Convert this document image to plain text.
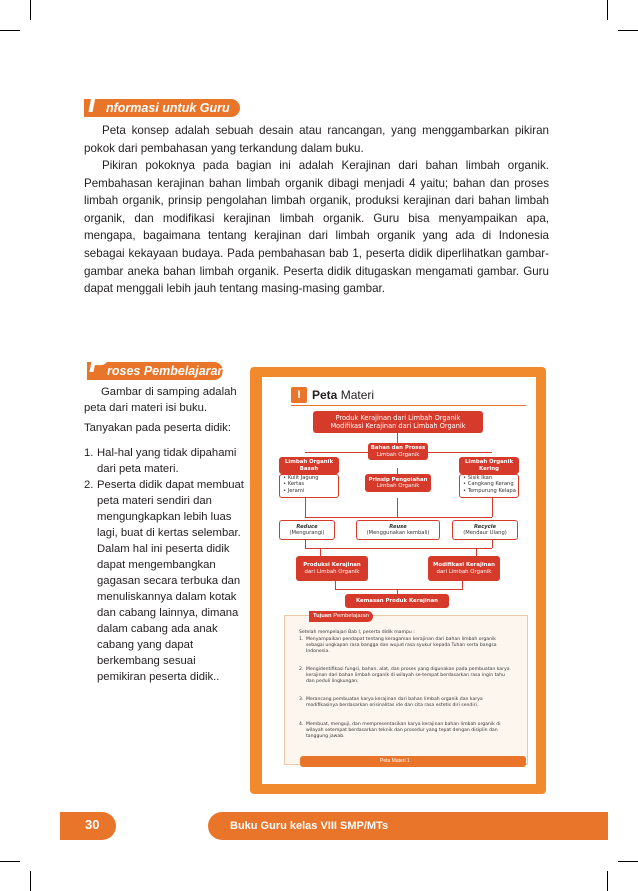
I nformasi untuk Guru
Peta konsep adalah sebuah desain atau rancangan, yang menggambarkan pikiran pokok dari pembahasan yang terkandung dalam buku.
Pikiran pokoknya pada bagian ini adalah Kerajinan dari bahan limbah organik. Pembahasan kerajinan bahan limbah organik dibagi menjadi 4 yaitu; bahan dan proses limbah organik, prinsip pengolahan limbah organik, produksi kerajinan dari bahan limbah organik, dan modifikasi kerajinan limbah organik. Guru bisa menyampaikan apa, mengapa, bagaimana tentang kerajinan dari limbah organik yang ada di Indonesia sebagai kekayaan budaya. Pada pembahasan bab 1, peserta didik diperlihatkan gambar-gambar aneka bahan limbah organik. Peserta didik ditugaskan mengamati gambar. Guru dapat menggali lebih jauh tentang masing-masing gambar.
P roses Pembelajaran
Gambar di samping adalah peta dari materi isi buku.
Tanyakan pada peserta didik:
1. Hal-hal yang tidak dipahami dari peta materi.
2. Peserta didik dapat membuat peta materi sendiri dan mengungkapkan lebih luas lagi, buat di kertas selembar. Dalam hal ini peserta didik dapat mengembangkan gagasan secara terbuka dan menuliskannya dalam kotak dan cabang lainnya, dimana dalam cabang ada anak cabang yang dapat berkembang sesuai pemikiran peserta didik..
I Peta Materi
Produk Kerajinan dari Limbah Organik
Modifikasi Kerajinan dari Limbah Organik
Bahan dan Proses
Limbah Organik
Limbah Organik
Basah
• Kulit Jagung
• Kertas
• Jerami
Limbah Organik
Kering
• Sisik Ikan
• Cangkang Kerang
• Tempurung Kelapa
Prinsip Pengolahan
Limbah Organik
Reduce
(Mengurangi)
Reuse
(Menggunakan kembali)
Recycle
(Mendaur Ulang)
Produksi Kerajinan
dari Limbah Organik
Modifikasi Kerajinan
dari Limbah Organik
Kemasan Produk Kerajinan
Tujuan Pembelajaran
Setelah mempelajari Bab I, peserta didik mampu :
1. Menyampaikan pendapat tentang keragaman kerajinan dari bahan limbah organik sebagai ungkapan rasa bangga dan wujud rasa syukur kepada Tuhan serta bangsa Indonesia.
2. Mengidentifikasi fungsi, bahan, alat, dan proses yang digunakan pada pembuatan karya kerajinan dari bahan limbah organik di wilayah se-tempat berdasarkan rasa ingin tahu dan peduli lingkungan.
3. Merancang pembuatan karya kerajinan dari bahan limbah organik dan karya modifikasinya berdasarkan orisinalitas ide dan cita rasa estetis diri sendiri.
4. Membuat, menguji, dan mempresentasikan karya kerajinan bahan limbah organik di wilayah setempat berdasarkan teknik dan prosedur yang tepat dengan disiplin dan tanggung jawab.
Peta Materi 1
30	Buku Guru kelas VIII SMP/MTs
